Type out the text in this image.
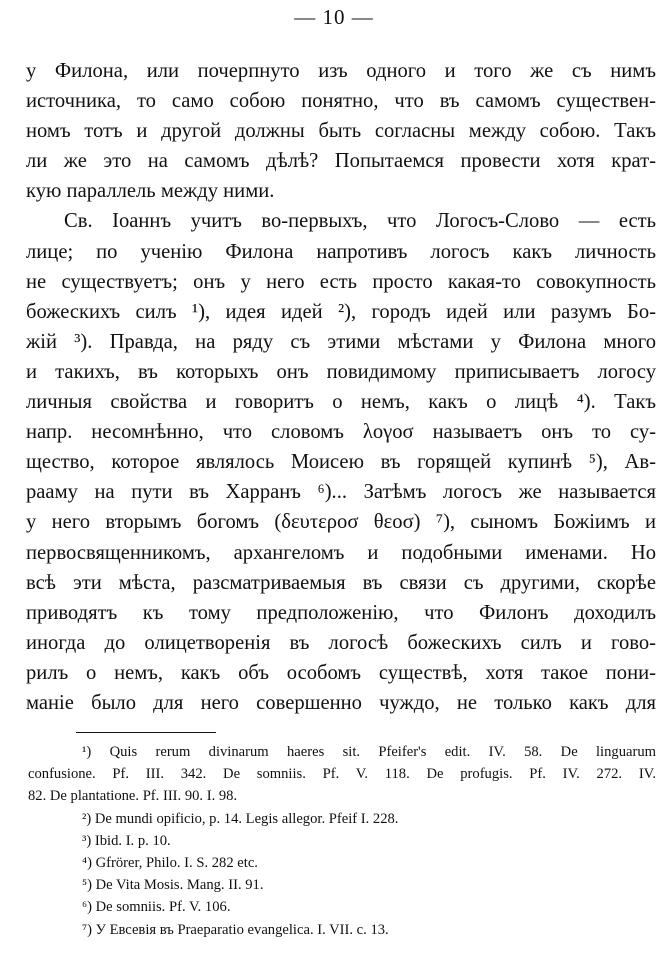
— 10 —
у Филона, или почерпнуто изъ одного и того же съ нимъ
источника, то само собою понятно, что въ самомъ существен-
номъ тотъ и другой должны быть согласны между собою. Такъ
ли же это на самомъ дѣлѣ? Попытаемся провести хотя крат-
кую параллель между ними.
Св. Іоаннъ учитъ во-первыхъ, что Логосъ-Слово — есть
лице; по ученію Филона напротивъ логосъ какъ личность
не существуетъ; онъ у него есть просто какая-то совокупность
божескихъ силъ ¹), идея идей ²), городъ идей или разумъ Бо-
жій ³). Правда, на ряду съ этими мѣстами у Филона много
и такихъ, въ которыхъ онъ повидимому приписываетъ логосу
личныя свойства и говоритъ о немъ, какъ о лицѣ ⁴). Такъ
напр. несомнѣнно, что словомъ λογοσ называетъ онъ то су-
щество, которое являлось Моисею въ горящей купинѣ ⁵), Ав-
рааму на пути въ Харранъ ⁶)... Затѣмъ логосъ же называется
у него вторымъ богомъ (δευτεροσ θεοσ) ⁷), сыномъ Божіимъ и
первосвященникомъ, архангеломъ и подобными именами. Но
всѣ эти мѣста, разсматриваемыя въ связи съ другими, скорѣе
приводятъ къ тому предположенію, что Филонъ доходилъ
иногда до олицетворенія въ логосѣ божескихъ силъ и гово-
рилъ о немъ, какъ объ особомъ существѣ, хотя такое пони-
маніе было для него совершенно чуждо, не только какъ для
¹) Quis rerum divinarum haeres sit. Pfeifer's edit. IV. 58. De linguarum
confusione. Pf. III. 342. De somniis. Pf. V. 118. De profugis. Pf. IV. 272. IV.
82. De plantatione. Pf. III. 90. I. 98.
²) De mundi opificio, p. 14. Legis allegor. Pfeif I. 228.
³) Ibid. I. p. 10.
⁴) Gfrörer, Philo. I. S. 282 etc.
⁵) De Vita Mosis. Mang. II. 91.
⁶) De somniis. Pf. V. 106.
⁷) У Евсевія въ Praeparatio evangelica. I. VII. c. 13.
